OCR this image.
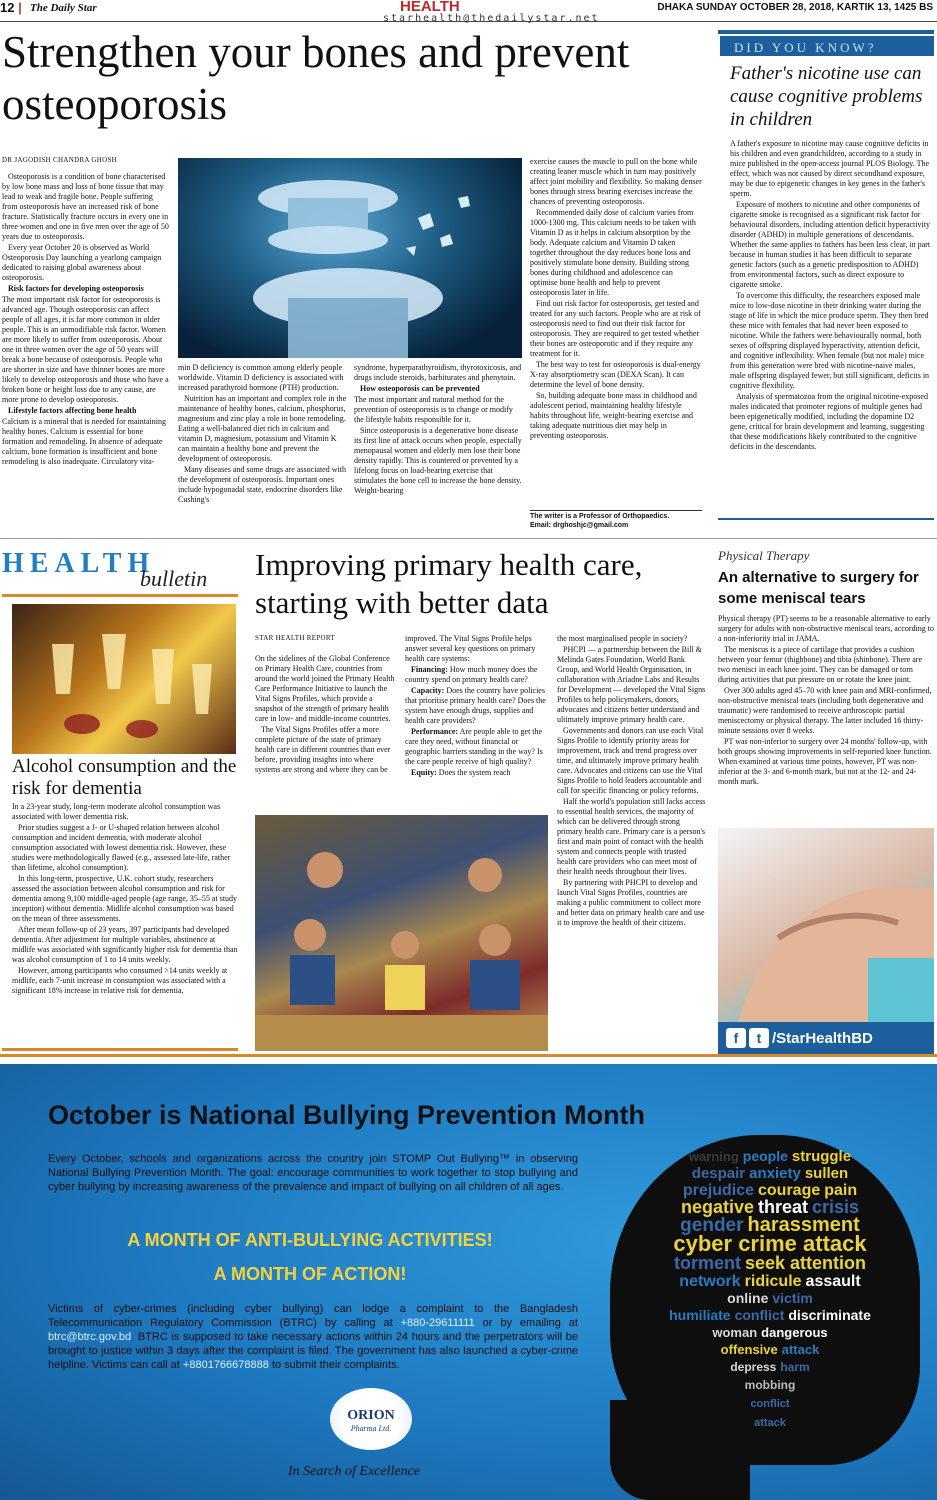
12 | The Daily Star	HEALTH
starhealth@thedailystar.net
DHAKA SUNDAY OCTOBER 28, 2018, KARTIK 13, 1425 BS
Strengthen your bones and prevent osteoporosis
DR JAGODISH CHANDRA GHOSH

Osteoporosis is a condition of bone characterised by low bone mass and loss of bone tissue that may lead to weak and fragile bone. People suffering from osteoporosis have an increased risk of bone fracture. Statistically fracture occurs in every one in three women and one in five men over the age of 50 years due to osteoporosis.

Every year October 20 is observed as World Osteoporosis Day launching a yearlong campaign dedicated to raising global awareness about osteoporosis.

Risk factors for developing osteoporosis

The most important risk factor for osteoporosis is advanced age. Though osteoporosis can affect people of all ages, it is far more common in older people. This is an unmodifiable risk factor. Women are more likely to suffer from osteoporosis. About one in three women over the age of 50 years will break a bone because of osteoporosis. People who are shorter in size and have thinner bones are more likely to develop osteoporosis and those who have a broken bone or height loss due to any cause, are more prone to develop osteoporosis.

Lifestyle factors affecting bone health

Calcium is a mineral that is needed for maintaining healthy bones. Calcium is essential for bone formation and remodeling. In absence of adequate calcium, bone formation is insufficient and bone remodeling is also inadequate. Circulatory vita-

min D deficiency is common among elderly people worldwide. Vitamin D deficiency is associated with increased parathyroid hormone (PTH) production.

Nutrition has an important and complex role in the maintenance of healthy bones, calcium, phosphorus, magnesium and zinc play a role in bone remodeling. Eating a well-balanced diet rich in calcium and vitamin D, magnesium, potassium and Vitamin K can maintain a healthy bone and prevent the development of osteoporosis.

Many diseases and some drugs are associated with the development of osteoporosis. Important ones include hypogonadal state, endocrine disorders like Cushing's

syndrome, hyperparathyroidism, thyrotoxicosis, and drugs include steroids, barbiturates and phenytoin.

How osteoporosis can be prevented

The most important and natural method for the prevention of osteoporosis is to change or modify the lifestyle habits responsible for it.

Since osteoporosis is a degenerative bone disease its first line of attack occurs when people, especially menopausal women and elderly men lose their bone density rapidly. This is countered or prevented by a lifelong focus on load-bearing exercise that stimulates the bone cell to increase the bone density. Weight-bearing

exercise causes the muscle to pull on the bone while creating leaner muscle which in turn may positively affect joint mobility and flexibility. So making denser bones through stress bearing exercises increase the chances of preventing osteoporosis.

Recommended daily dose of calcium varies from 1000-1300 mg. This calcium needs to be taken with Vitamin D as it helps in calcium absorption by the body. Adequate calcium and Vitamin D taken together throughout the day reduces bone loss and positively stimulate bone density. Building strong bones during childhood and adolescence can optimise bone health and help to prevent osteoporosis later in life.

Find out risk factor for osteoporosis, get tested and treated for any such factors. People who are at risk of osteoporosis need to find out their risk factor for osteoporosis. They are required to get tested whether their bones are osteoporotic and if they require any treatment for it.

The best way to test for osteoporosis is dual-energy X-ray absorptiometry scan (DEXA Scan). It can determine the level of bone density.

So, building adequate bone mass in childhood and adolescent period, maintaining healthy lifestyle habits throughout life, weight-bearing exercise and taking adequate nutritious diet may help in preventing osteoporosis.

The writer is a Professor of Orthopaedics.
Email: drghoshjc@gmail.com
DID YOU KNOW?
Father's nicotine use can cause cognitive problems in children

A father's exposure to nicotine may cause cognitive deficits in his children and even grandchildren, according to a study in mice published in the open-access journal PLOS Biology. The effect, which was not caused by direct secondhand exposure, may be due to epigenetic changes in key genes in the father's sperm.

Exposure of mothers to nicotine and other components of cigarette smoke is recognised as a significant risk factor for behavioural disorders, including attention deficit hyperactivity disorder (ADHD) in multiple generations of descendants. Whether the same applies to fathers has been less clear, in part because in human studies it has been difficult to separate genetic factors (such as a genetic predisposition to ADHD) from environmental factors, such as direct exposure to cigarette smoke.

To overcome this difficulty, the researchers exposed male mice to low-dose nicotine in their drinking water during the stage of life in which the mice produce sperm. They then bred these mice with females that had never been exposed to nicotine. While the fathers were behaviourally normal, both sexes of offspring displayed hyperactivity, attention deficit, and cognitive inflexibility. When female (but not male) mice from this generation were bred with nicotine-naive males, male offspring displayed fewer, but still significant, deficits in cognitive flexibility.

Analysis of spermatozoa from the original nicotine-exposed males indicated that promoter regions of multiple genes had been epigenetically modified, including the dopamine D2 gene, critical for brain development and learning, suggesting that these modifications likely contributed to the cognitive deficits in the descendants.

HEALTH
bulletin
Alcohol consumption and the risk for dementia

In a 23-year study, long-term moderate alcohol consumption was associated with lower dementia risk.

Prior studies suggest a J- or U-shaped relation between alcohol consumption and incident dementia, with moderate alcohol consumption associated with lowest dementia risk. However, these studies were methodologically flawed (e.g., assessed late-life, rather than lifetime, alcohol consumption).

In this long-term, prospective, U.K. cohort study, researchers assessed the association between alcohol consumption and risk for dementia among 9,100 middle-aged people (age range, 35–55 at study inception) without dementia. Midlife alcohol consumption was based on the mean of three assessments.

After mean follow-up of 23 years, 397 participants had developed dementia. After adjustment for multiple variables, abstinence at midlife was associated with significantly higher risk for dementia than was alcohol consumption of 1 to 14 units weekly.

However, among participants who consumed >14 units weekly at midlife, each 7-unit increase in consumption was associated with a significant 18% increase in relative risk for dementia.

Improving primary health care, starting with better data
STAR HEALTH REPORT

On the sidelines of the Global Conference on Primary Health Care, countries from around the world joined the Primary Health Care Performance Initiative to launch the Vital Signs Profiles, which provide a snapshot of the strength of primary health care in low- and middle-income countries.

The Vital Signs Profiles offer a more complete picture of the state of primary health care in different countries than ever before, providing insights into where systems are strong and where they can be

improved. The Vital Signs Profile helps answer several key questions on primary health care systems:

Financing: How much money does the country spend on primary health care?

Capacity: Does the country have policies that prioritise primary health care? Does the system have enough drugs, supplies and health care providers?

Performance: Are people able to get the care they need, without financial or geographic barriers standing in the way? Is the care people receive of high quality?

Equity: Does the system reach

the most marginalised people in society?

PHCPI — a partnership between the Bill & Melinda Gates Foundation, World Bank Group, and World Health Organisation, in collaboration with Ariadne Labs and Results for Development — developed the Vital Signs Profiles to help policymakers, donors, advocates and citizens better understand and ultimately improve primary health care.

Governments and donors can use each Vital Signs Profile to identify priority areas for improvement, track and trend progress over time, and ultimately improve primary health care. Advocates and citizens can use the Vital Signs Profile to hold leaders accountable and call for specific financing or policy reforms.

Half the world's population still lacks access to essential health services, the majority of which can be delivered through strong primary health care. Primary care is a person's first and main point of contact with the health system and connects people with trusted health care providers who can meet most of their health needs throughout their lives.

By partnering with PHCPI to develop and launch Vital Signs Profiles, countries are making a public commitment to collect more and better data on primary health care and use it to improve the health of their citizens.

Physical Therapy
An alternative to surgery for some meniscal tears

Physical therapy (PT) seems to be a reasonable alternative to early surgery for adults with non-obstructive meniscal tears, according to a non-inferiority trial in JAMA.

The meniscus is a piece of cartilage that provides a cushion between your femur (thighbone) and tibia (shinbone). There are two menisci in each knee joint. They can be damaged or torn during activities that put pressure on or rotate the knee joint.

Over 300 adults aged 45–70 with knee pain and MRI-confirmed, non-obstructive meniscal tears (including both degenerative and traumatic) were randomised to receive arthroscopic partial meniscectomy or physical therapy. The latter included 16 thirty-minute sessions over 8 weeks.

PT was non-inferior to surgery over 24 months' follow-up, with both groups showing improvements in self-reported knee function. When examined at various time points, however, PT was non-inferior at the 3- and 6-month mark, but not at the 12- and 24-month mark.

f t /StarHealthBD
October is National Bullying Prevention Month
Every October, schools and organizations across the country join STOMP Out Bullying™ in observing National Bullying Prevention Month. The goal: encourage communities to work together to stop bullying and cyber bullying by increasing awareness of the prevalence and impact of bullying on all children of all ages.
A MONTH OF ANTI-BULLYING ACTIVITIES!
A MONTH OF ACTION!
Victims of cyber-crimes (including cyber bullying) can lodge a complaint to the Bangladesh Telecommunication Regulatory Commission (BTRC) by calling at +880-29611111 or by emailing at btrc@btrc.gov.bd. BTRC is supposed to take necessary actions within 24 hours and the perpetrators will be brought to justice within 3 days after the complaint is filed. The government has also launched a cyber-crime helpline. Victims can call at +8801766678888 to submit their complaints.
warning people struggle
despair anxiety sullen
prejudice courage pain
negative threat crisis
gender harassment
cyber crime attack
torment seek attention
network ridicule assault
online victim
humiliate conflict discriminate
woman dangerous
offensive attack
depress harm
mobbing
conflict
attack
ORION
Pharma Ltd.
In Search of Excellence
